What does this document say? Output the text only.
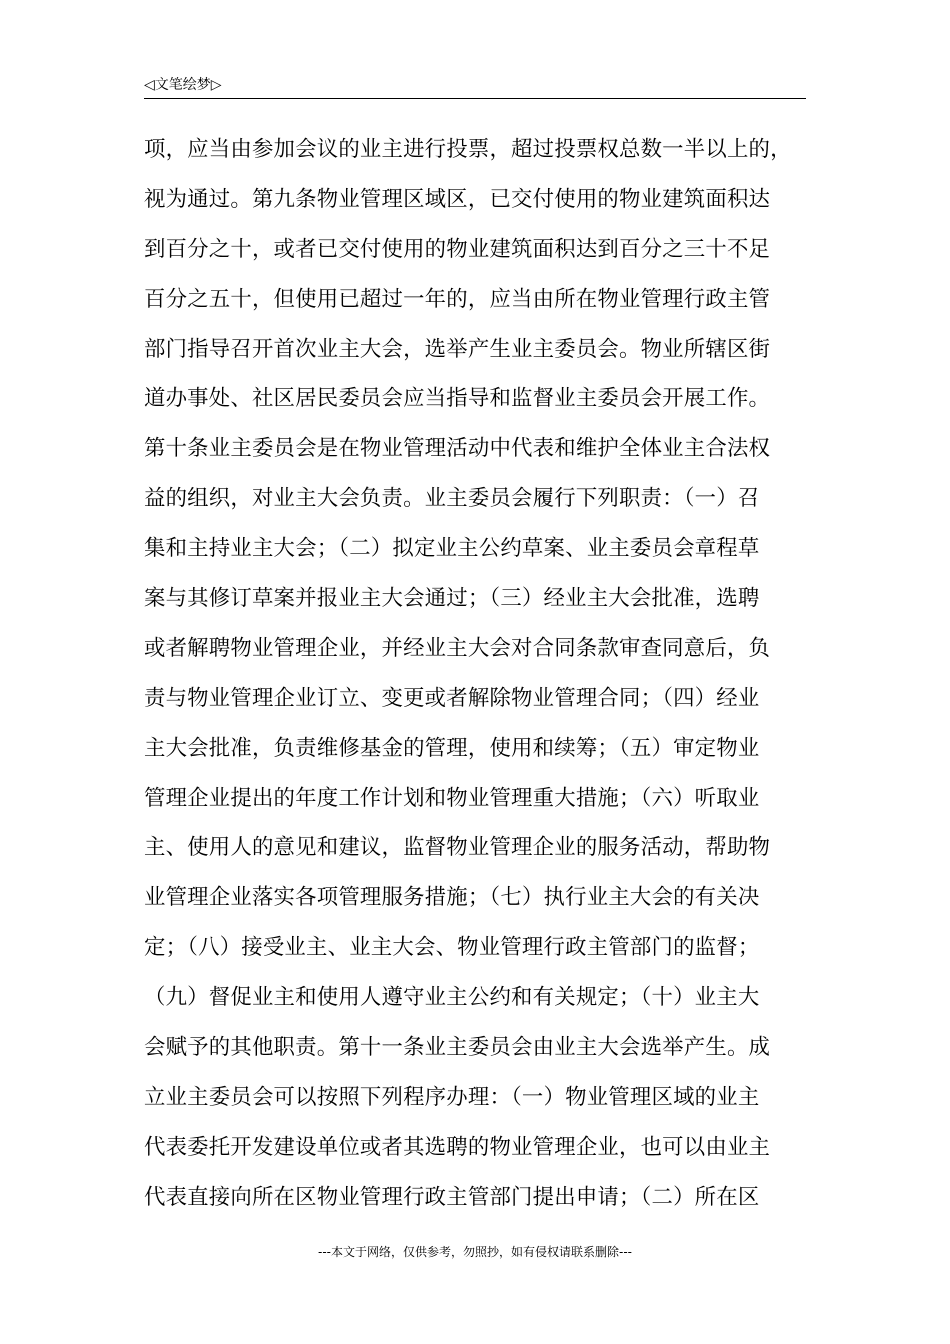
◁文笔绘梦▷
项，应当由参加会议的业主进行投票，超过投票权总数一半以上的，
视为通过。第九条物业管理区域区，已交付使用的物业建筑面积达
到百分之十，或者已交付使用的物业建筑面积达到百分之三十不足
百分之五十，但使用已超过一年的，应当由所在物业管理行政主管
部门指导召开首次业主大会，选举产生业主委员会。物业所辖区街
道办事处、社区居民委员会应当指导和监督业主委员会开展工作。
第十条业主委员会是在物业管理活动中代表和维护全体业主合法权
益的组织，对业主大会负责。业主委员会履行下列职责：（一）召
集和主持业主大会；（二）拟定业主公约草案、业主委员会章程草
案与其修订草案并报业主大会通过；（三）经业主大会批准，选聘
或者解聘物业管理企业，并经业主大会对合同条款审查同意后，负
责与物业管理企业订立、变更或者解除物业管理合同；（四）经业
主大会批准，负责维修基金的管理，使用和续筹；（五）审定物业
管理企业提出的年度工作计划和物业管理重大措施；（六）听取业
主、使用人的意见和建议，监督物业管理企业的服务活动，帮助物
业管理企业落实各项管理服务措施；（七）执行业主大会的有关决
定；（八）接受业主、业主大会、物业管理行政主管部门的监督；
（九）督促业主和使用人遵守业主公约和有关规定；（十）业主大
会赋予的其他职责。第十一条业主委员会由业主大会选举产生。成
立业主委员会可以按照下列程序办理：（一）物业管理区域的业主
代表委托开发建设单位或者其选聘的物业管理企业，也可以由业主
代表直接向所在区物业管理行政主管部门提出申请；（二）所在区
---本文于网络，仅供参考，勿照抄，如有侵权请联系删除---
